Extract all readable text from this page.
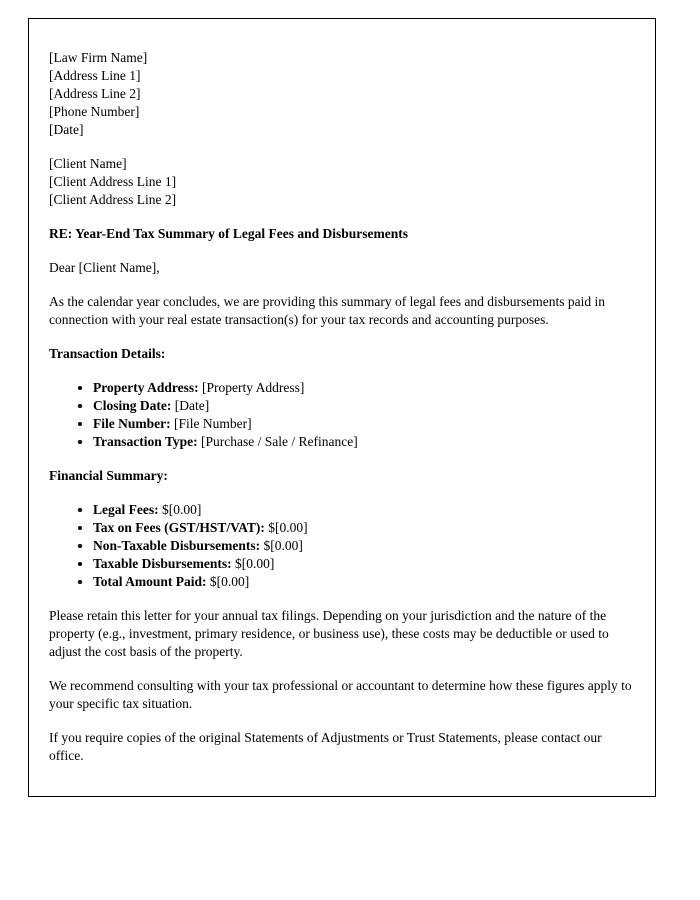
[Law Firm Name]
[Address Line 1]
[Address Line 2]
[Phone Number]
[Date]

[Client Name]
[Client Address Line 1]
[Client Address Line 2]

RE: Year-End Tax Summary of Legal Fees and Disbursements

Dear [Client Name],

As the calendar year concludes, we are providing this summary of legal fees and disbursements paid in connection with your real estate transaction(s) for your tax records and accounting purposes.

Transaction Details:

• Property Address: [Property Address]
• Closing Date: [Date]
• File Number: [File Number]
• Transaction Type: [Purchase / Sale / Refinance]

Financial Summary:

• Legal Fees: $[0.00]
• Tax on Fees (GST/HST/VAT): $[0.00]
• Non-Taxable Disbursements: $[0.00]
• Taxable Disbursements: $[0.00]
• Total Amount Paid: $[0.00]

Please retain this letter for your annual tax filings. Depending on your jurisdiction and the nature of the property (e.g., investment, primary residence, or business use), these costs may be deductible or used to adjust the cost basis of the property.

We recommend consulting with your tax professional or accountant to determine how these figures apply to your specific tax situation.

If you require copies of the original Statements of Adjustments or Trust Statements, please contact our office.
